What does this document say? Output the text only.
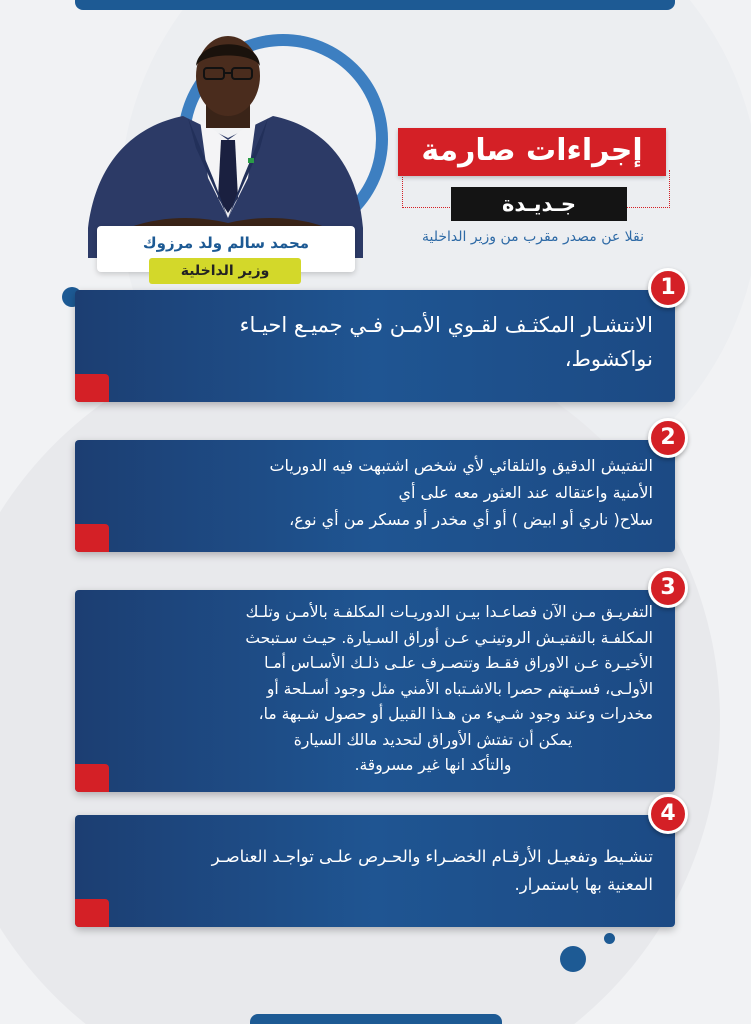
محمد سالم ولد مرزوك
وزير الداخلية
إجراءات صارمة
جـديـدة
نقلا عن مصدر مقرب من وزير الداخلية
الانتشـار المكثـف لقـوي الأمـن فـي جميـع احيـاء
نواكشوط،
1
التفتيش الدقيق والتلقائي لأي شخص اشتبهت فيه الدوريات
الأمنية واعتقاله عند العثور معه على أي
سلاح( ناري أو ابيض ) أو أي مخدر أو مسكر من أي نوع،
2
التفريـق مـن الآن فصاعـدا بيـن الدوريـات المكلفـة بالأمـن وتلـك
المكلفـة بالتفتيـش الروتينـي عـن أوراق السـيارة. حيـث سـتبحث
الأخيـرة عـن الاوراق فقـط وتتصـرف علـى ذلـك الأسـاس أمـا
الأولـى، فسـتهتم حصرا بالاشـتباه الأمني مثل وجود أسـلحة أو
مخدرات وعند وجود شـيء من هـذا القبيل أو حصول شـبهة ما،
يمكن أن تفتش الأوراق لتحديد مالك السيارة
والتأكد انها غير مسروقة.
3
تنشـيط وتفعيـل الأرقـام الخضـراء والحـرص علـى تواجـد العناصـر
المعنية بها باستمرار.
4
